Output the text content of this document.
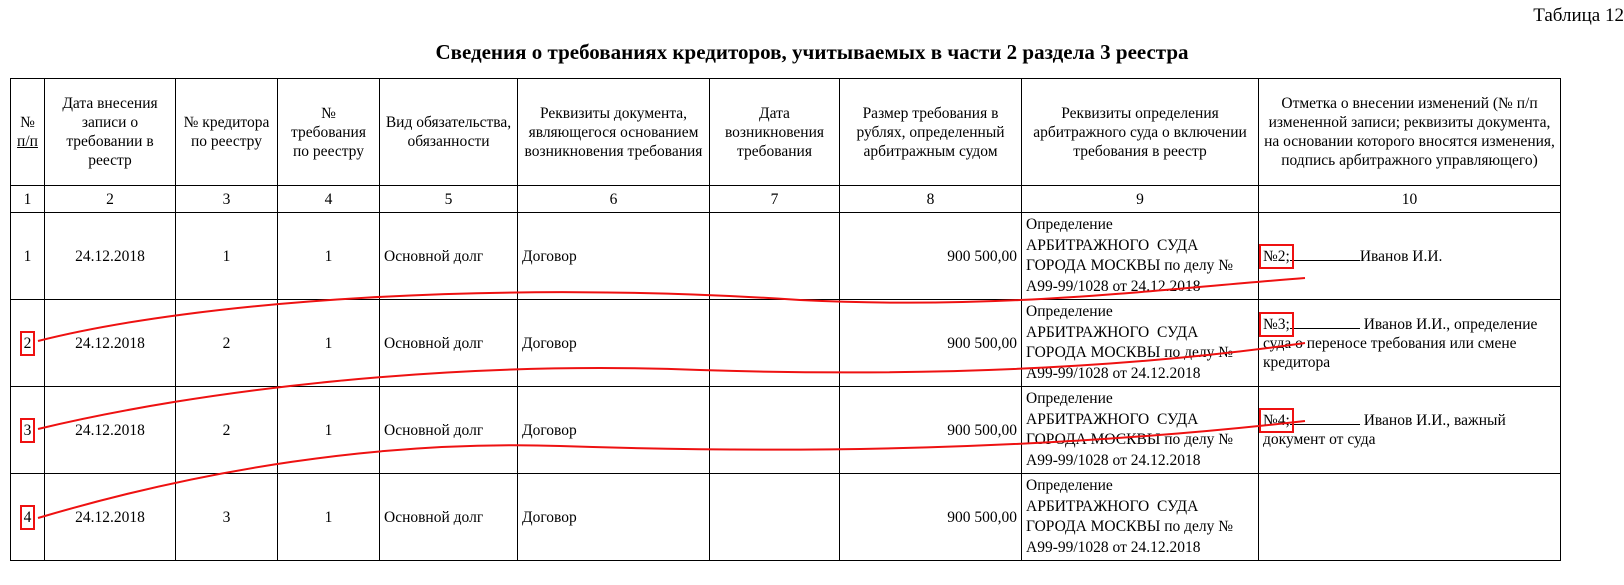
Таблица 12
Сведения о требованиях кредиторов, учитываемых в части 2 раздела 3 реестра
№
п/п	Дата внесения записи о требовании в реестр	№ кредитора по реестру	№ требования по реестру	Вид обязательства, обязанности	Реквизиты документа, являющегося основанием возникновения требования	Дата возникновения требования	Размер требования в рублях, определенный арбитражным судом	Реквизиты определения арбитражного суда о включении требования в реестр	Отметка о внесении изменений (№ п/п измененной записи; реквизиты документа, на основании которого вносятся изменения, подпись арбитражного управляющего)
1	2	3	4	5	6	7	8	9	10
1	24.12.2018	1	1	Основной долг	Договор		900 500,00	Определение
АРБИТРАЖНОГО  СУДА
ГОРОДА МОСКВЫ по делу №
А99-99/1028 от 24.12.2018	№2; Иванов И.И.
2	24.12.2018	2	1	Основной долг	Договор		900 500,00	Определение
АРБИТРАЖНОГО  СУДА
ГОРОДА МОСКВЫ по делу №
А99-99/1028 от 24.12.2018	№3; Иванов И.И., определение суда о переносе требования или смене кредитора
3	24.12.2018	2	1	Основной долг	Договор		900 500,00	Определение
АРБИТРАЖНОГО  СУДА
ГОРОДА МОСКВЫ по делу №
А99-99/1028 от 24.12.2018	№4; Иванов И.И., важный документ от суда
4	24.12.2018	3	1	Основной долг	Договор		900 500,00	Определение
АРБИТРАЖНОГО  СУДА
ГОРОДА МОСКВЫ по делу №
А99-99/1028 от 24.12.2018	
